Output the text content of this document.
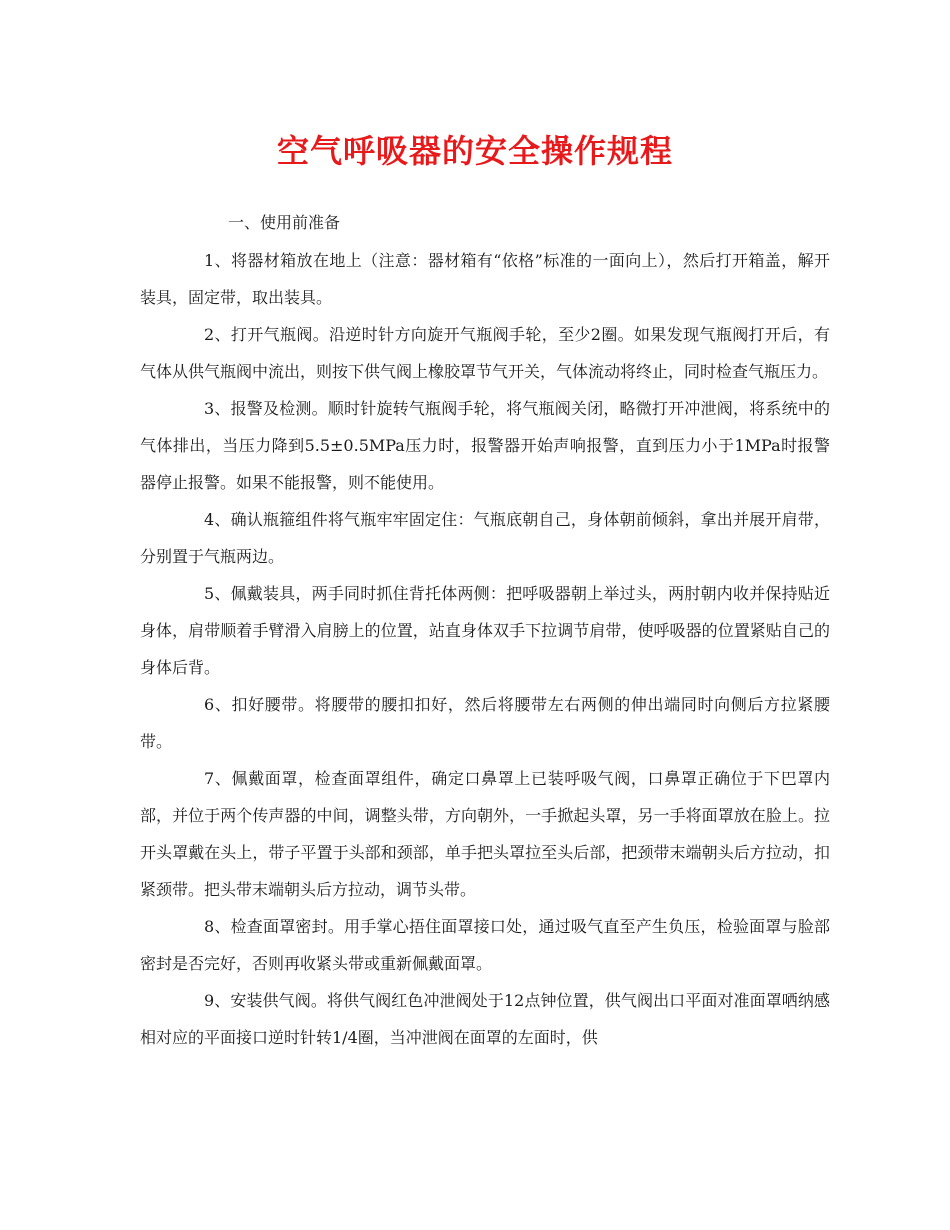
空气呼吸器的安全操作规程

一、使用前准备

1、将器材箱放在地上（注意：器材箱有“依格”标准的一面向上），然后打开箱盖，解开装具，固定带，取出装具。

2、打开气瓶阀。沿逆时针方向旋开气瓶阀手轮，至少2圈。如果发现气瓶阀打开后，有气体从供气瓶阀中流出，则按下供气阀上橡胶罩节气开关，气体流动将终止，同时检查气瓶压力。

3、报警及检测。顺时针旋转气瓶阀手轮，将气瓶阀关闭，略微打开冲泄阀，将系统中的气体排出，当压力降到5.5±0.5MPa压力时，报警器开始声响报警，直到压力小于1MPa时报警器停止报警。如果不能报警，则不能使用。

4、确认瓶箍组件将气瓶牢牢固定住：气瓶底朝自己，身体朝前倾斜，拿出并展开肩带，分别置于气瓶两边。

5、佩戴装具，两手同时抓住背托体两侧：把呼吸器朝上举过头，两肘朝内收并保持贴近身体，肩带顺着手臂滑入肩膀上的位置，站直身体双手下拉调节肩带，使呼吸器的位置紧贴自己的身体后背。

6、扣好腰带。将腰带的腰扣扣好，然后将腰带左右两侧的伸出端同时向侧后方拉紧腰带。

7、佩戴面罩，检查面罩组件，确定口鼻罩上已装呼吸气阀，口鼻罩正确位于下巴罩内部，并位于两个传声器的中间，调整头带，方向朝外，一手掀起头罩，另一手将面罩放在脸上。拉开头罩戴在头上，带子平置于头部和颈部，单手把头罩拉至头后部，把颈带末端朝头后方拉动，扣紧颈带。把头带末端朝头后方拉动，调节头带。

8、检查面罩密封。用手掌心捂住面罩接口处，通过吸气直至产生负压，检验面罩与脸部密封是否完好，否则再收紧头带或重新佩戴面罩。

9、安装供气阀。将供气阀红色冲泄阀处于12点钟位置，供气阀出口平面对准面罩哂纳感相对应的平面接口逆时针转1/4圈，当冲泄阀在面罩的左面时，供
